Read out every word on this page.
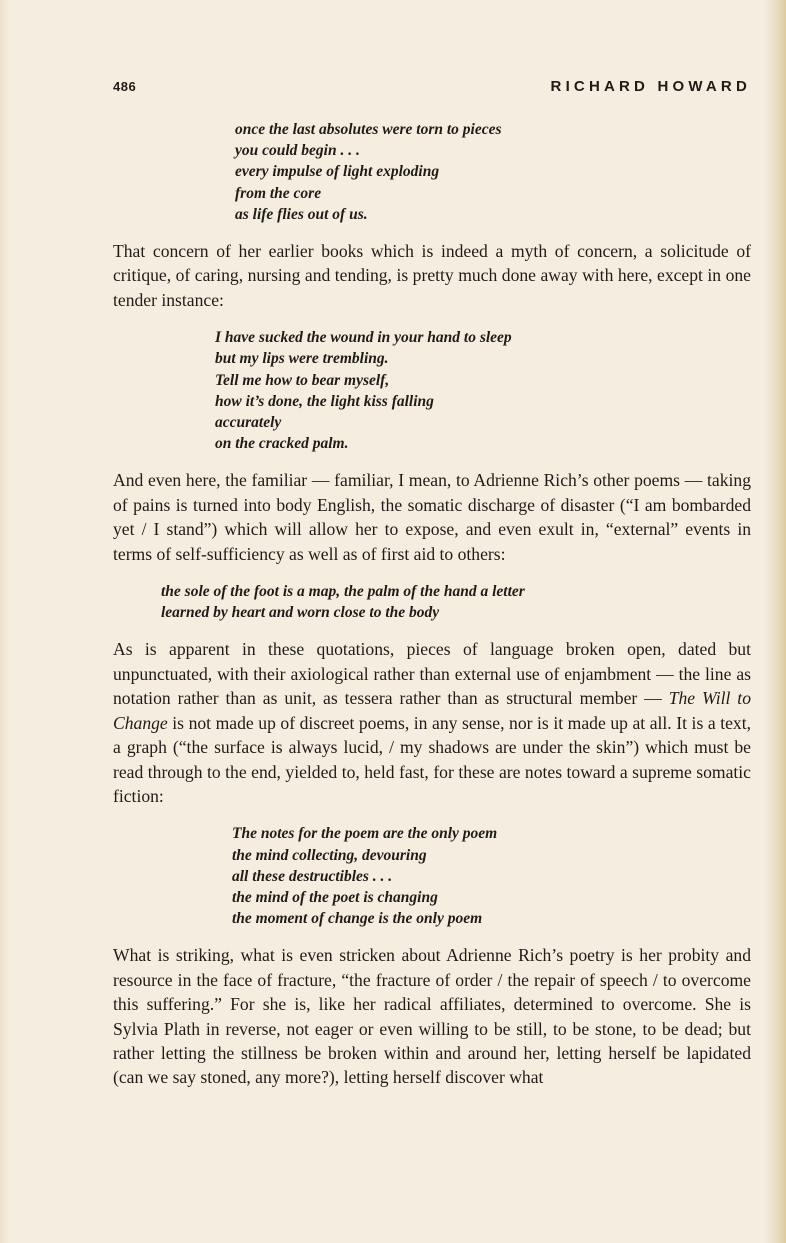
486	RICHARD HOWARD
once the last absolutes were torn to pieces
you could begin . . .
every impulse of light exploding
from the core
as life flies out of us.

That concern of her earlier books which is indeed a myth of concern, a solicitude of critique, of caring, nursing and tending, is pretty much done away with here, except in one tender instance:

I have sucked the wound in your hand to sleep
but my lips were trembling.
Tell me how to bear myself,
how it’s done, the light kiss falling
accurately
on the cracked palm.

And even here, the familiar — familiar, I mean, to Adrienne Rich’s other poems — taking of pains is turned into body English, the somatic discharge of disaster (“I am bombarded yet / I stand”) which will allow her to expose, and even exult in, “external” events in terms of self-sufficiency as well as of first aid to others:

the sole of the foot is a map, the palm of the hand a letter
learned by heart and worn close to the body

As is apparent in these quotations, pieces of language broken open, dated but unpunctuated, with their axiological rather than external use of enjambment — the line as notation rather than as unit, as tessera rather than as structural member — The Will to Change is not made up of discreet poems, in any sense, nor is it made up at all. It is a text, a graph (“the surface is always lucid, / my shadows are under the skin”) which must be read through to the end, yielded to, held fast, for these are notes toward a supreme somatic fiction:

The notes for the poem are the only poem
the mind collecting, devouring
all these destructibles . . .
the mind of the poet is changing
the moment of change is the only poem

What is striking, what is even stricken about Adrienne Rich’s poetry is her probity and resource in the face of fracture, “the fracture of order / the repair of speech / to overcome this suffering.” For she is, like her radical affiliates, determined to overcome. She is Sylvia Plath in reverse, not eager or even willing to be still, to be stone, to be dead; but rather letting the stillness be broken within and around her, letting herself be lapidated (can we say stoned, any more?), letting herself discover what
